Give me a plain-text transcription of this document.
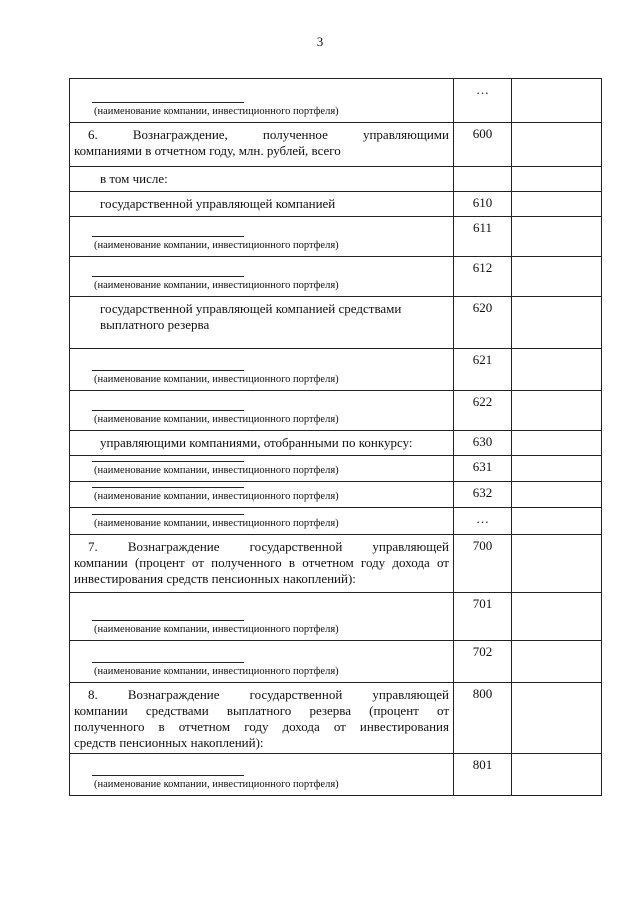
3
(наименование компании, инвестиционного портфеля)	…	

6. Вознаграждение, полученное управляющими
компаниями в отчетном году, млн. рублей, всего	600	

в том числе:		

государственной управляющей компанией	610	

(наименование компании, инвестиционного портфеля)	611	

(наименование компании, инвестиционного портфеля)	612	

государственной управляющей компанией средствами
выплатного резерва	620	

(наименование компании, инвестиционного портфеля)	621	

(наименование компании, инвестиционного портфеля)	622	

управляющими компаниями, отобранными по конкурсу:	630	

(наименование компании, инвестиционного портфеля)	631	

(наименование компании, инвестиционного портфеля)	632	

(наименование компании, инвестиционного портфеля)	…	

7. Вознаграждение государственной управляющей
компании (процент от полученного в отчетном году дохода от
инвестирования средств пенсионных накоплений):	700	

(наименование компании, инвестиционного портфеля)	701	

(наименование компании, инвестиционного портфеля)	702	

8. Вознаграждение государственной управляющей
компании средствами выплатного резерва (процент от
полученного в отчетном году дохода от инвестирования
средств пенсионных накоплений):	800	

(наименование компании, инвестиционного портфеля)	801	
